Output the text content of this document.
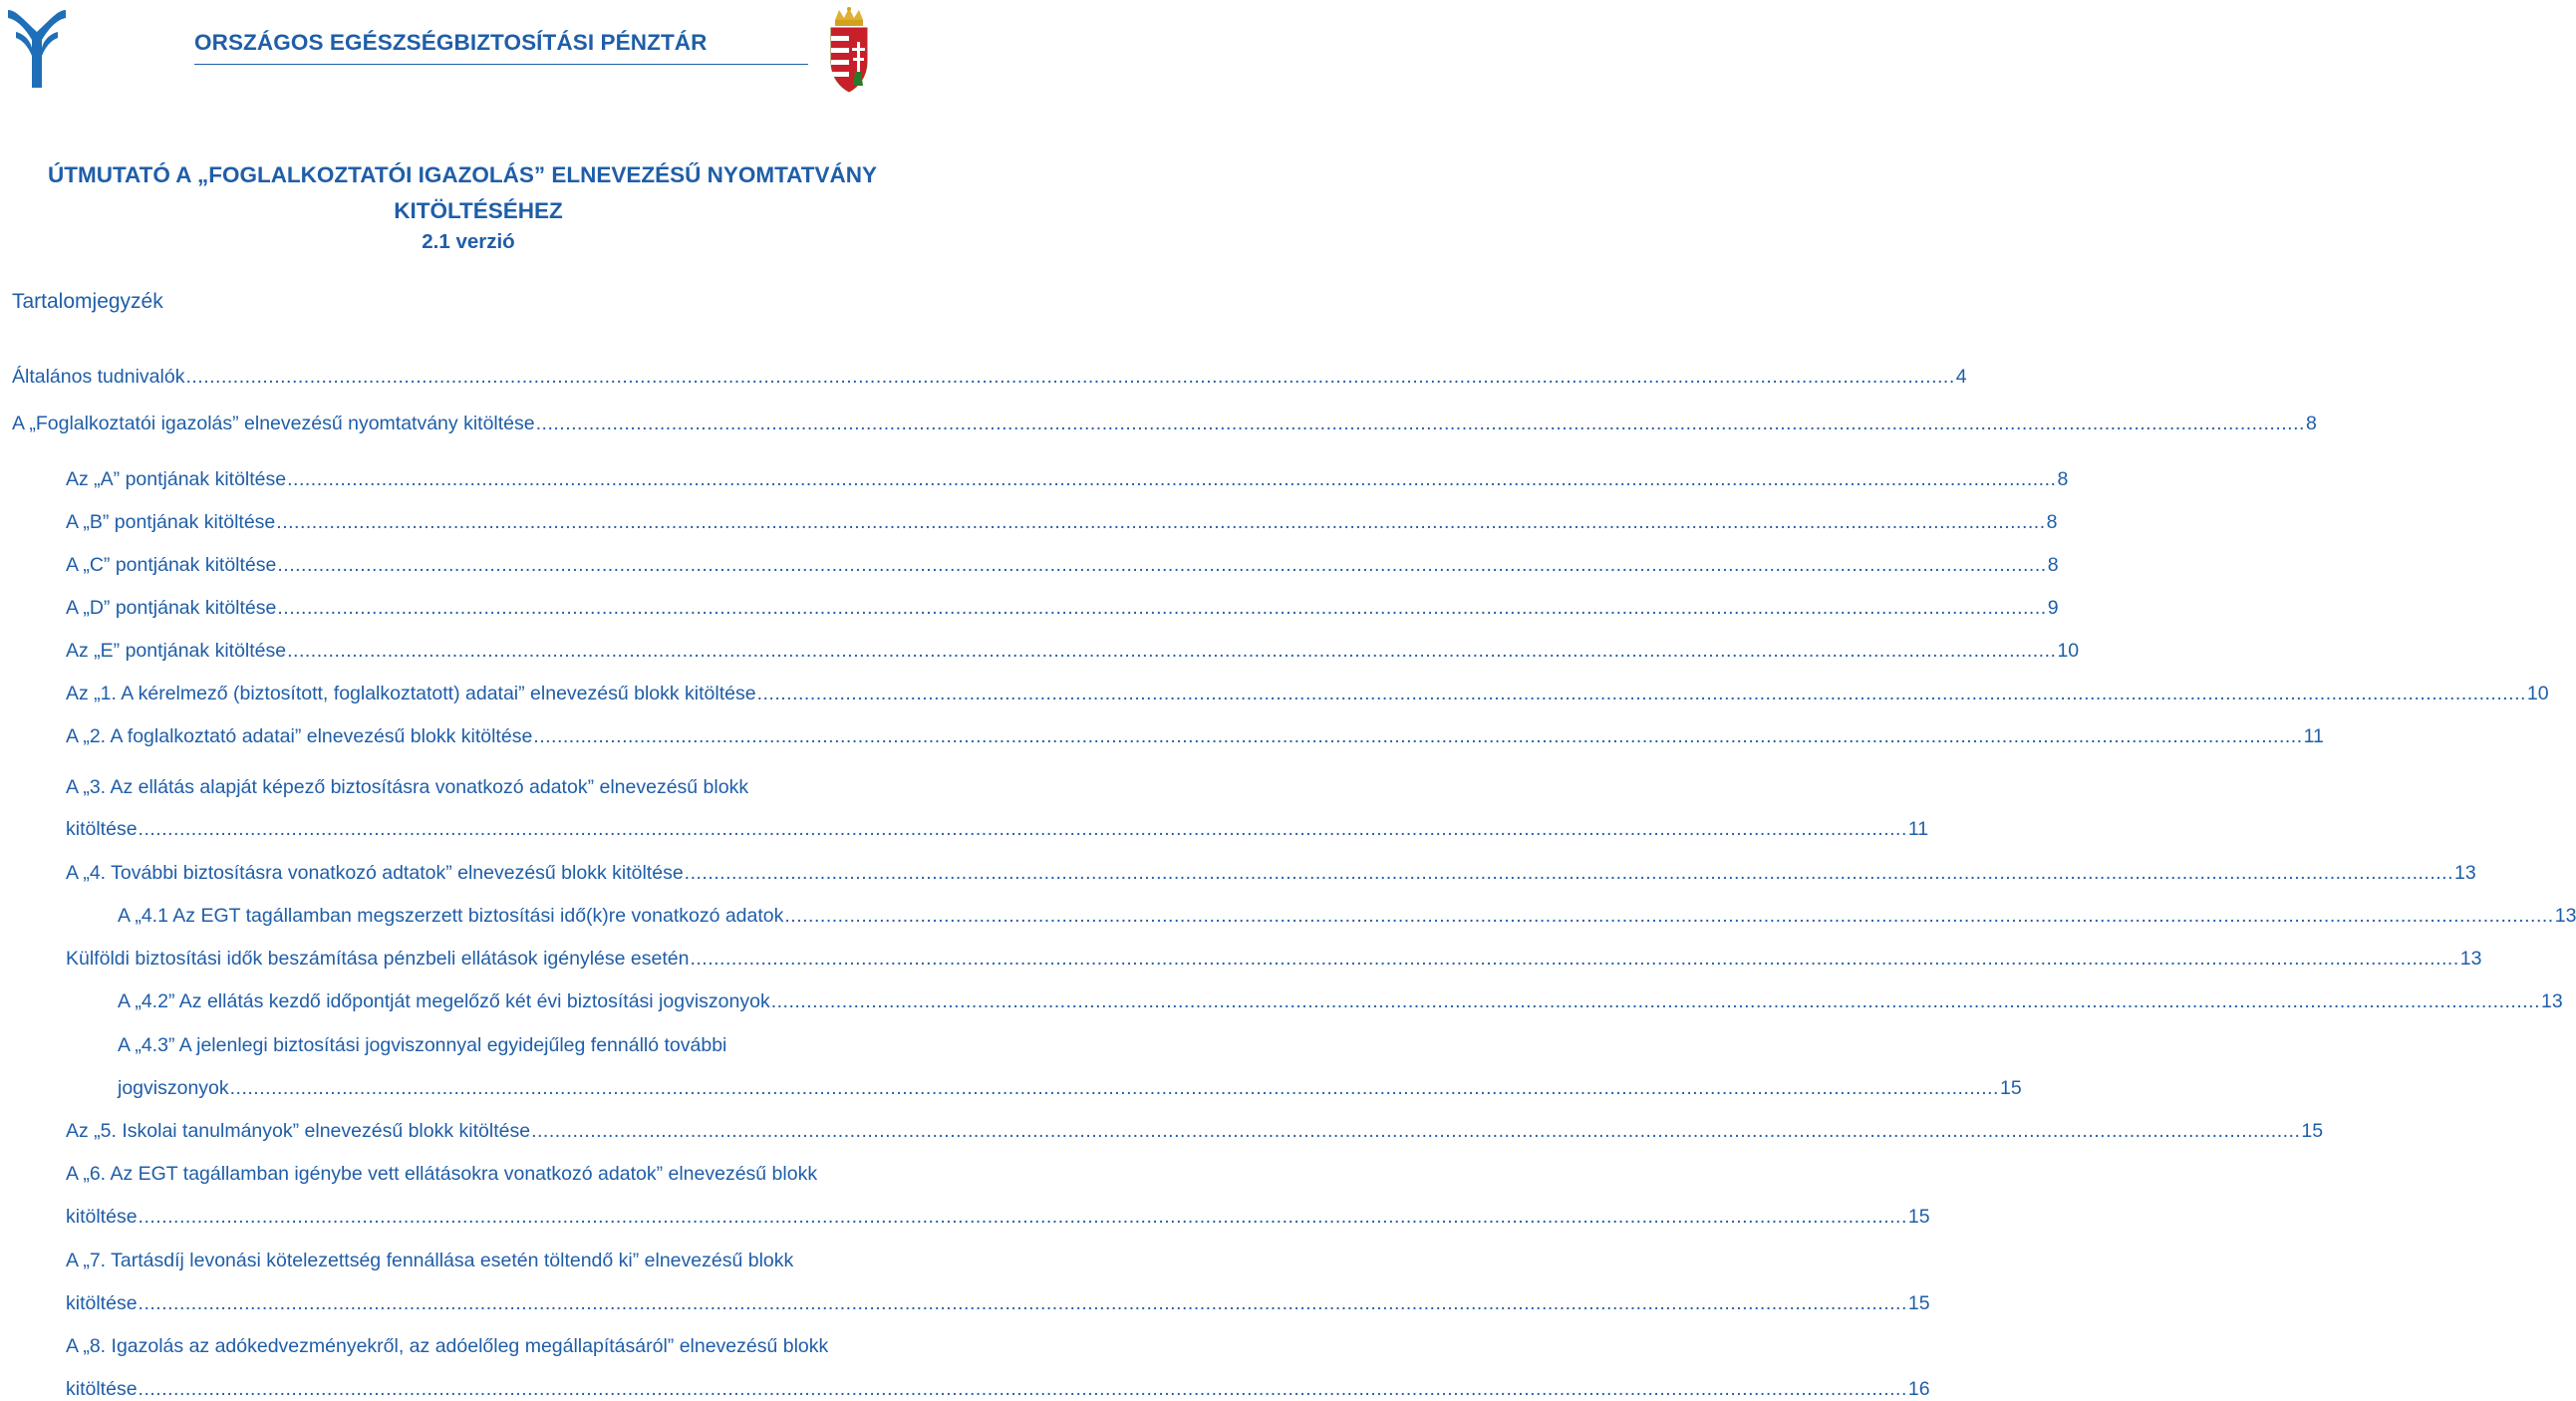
ORSZÁGOS EGÉSZSÉGBIZTOSÍTÁSI PÉNZTÁR
ÚTMUTATÓ A „FOGLALKOZTATÓI IGAZOLÁS” ELNEVEZÉSŰ NYOMTATVÁNY
KITÖLTÉSÉHEZ
2.1 verzió
Tartalomjegyzék
Általános tudnivalók ............................................................................................................................................................................................................................................................................................................ 4
A „Foglalkoztatói igazolás” elnevezésű nyomtatvány kitöltése ............................................................................................................................................................................................................................................................................................................ 8
Az „A” pontjának kitöltése ............................................................................................................................................................................................................................................................................................................ 8
A „B” pontjának kitöltése ............................................................................................................................................................................................................................................................................................................ 8
A „C” pontjának kitöltése ............................................................................................................................................................................................................................................................................................................ 8
A „D” pontjának kitöltése ............................................................................................................................................................................................................................................................................................................ 9
Az „E” pontjának kitöltése ............................................................................................................................................................................................................................................................................................................ 10
Az „1. A kérelmező (biztosított, foglalkoztatott) adatai” elnevezésű blokk kitöltése ............................................................................................................................................................................................................................................................................................................ 10
A „2. A foglalkoztató adatai” elnevezésű blokk kitöltése ............................................................................................................................................................................................................................................................................................................ 11
A „3. Az ellátás alapját képező biztosításra vonatkozó adatok” elnevezésű blokk
kitöltése ............................................................................................................................................................................................................................................................................................................ 11
A „4. További biztosításra vonatkozó adtatok” elnevezésű blokk kitöltése ............................................................................................................................................................................................................................................................................................................ 13
A „4.1 Az EGT tagállamban megszerzett biztosítási idő(k)re vonatkozó adatok ............................................................................................................................................................................................................................................................................................................ 13
Külföldi biztosítási idők beszámítása pénzbeli ellátások igénylése esetén ............................................................................................................................................................................................................................................................................................................ 13
A „4.2” Az ellátás kezdő időpontját megelőző két évi biztosítási jogviszonyok ............................................................................................................................................................................................................................................................................................................ 13
A „4.3” A jelenlegi biztosítási jogviszonnyal egyidejűleg fennálló további
jogviszonyok ............................................................................................................................................................................................................................................................................................................ 15
Az „5. Iskolai tanulmányok” elnevezésű blokk kitöltése ............................................................................................................................................................................................................................................................................................................ 15
A „6. Az EGT tagállamban igénybe vett ellátásokra vonatkozó adatok” elnevezésű blokk
kitöltése ............................................................................................................................................................................................................................................................................................................ 15
A „7. Tartásdíj levonási kötelezettség fennállása esetén töltendő ki” elnevezésű blokk
kitöltése ............................................................................................................................................................................................................................................................................................................ 15
A „8. Igazolás az adókedvezményekről, az adóelőleg megállapításáról” elnevezésű blokk
kitöltése ............................................................................................................................................................................................................................................................................................................ 16
